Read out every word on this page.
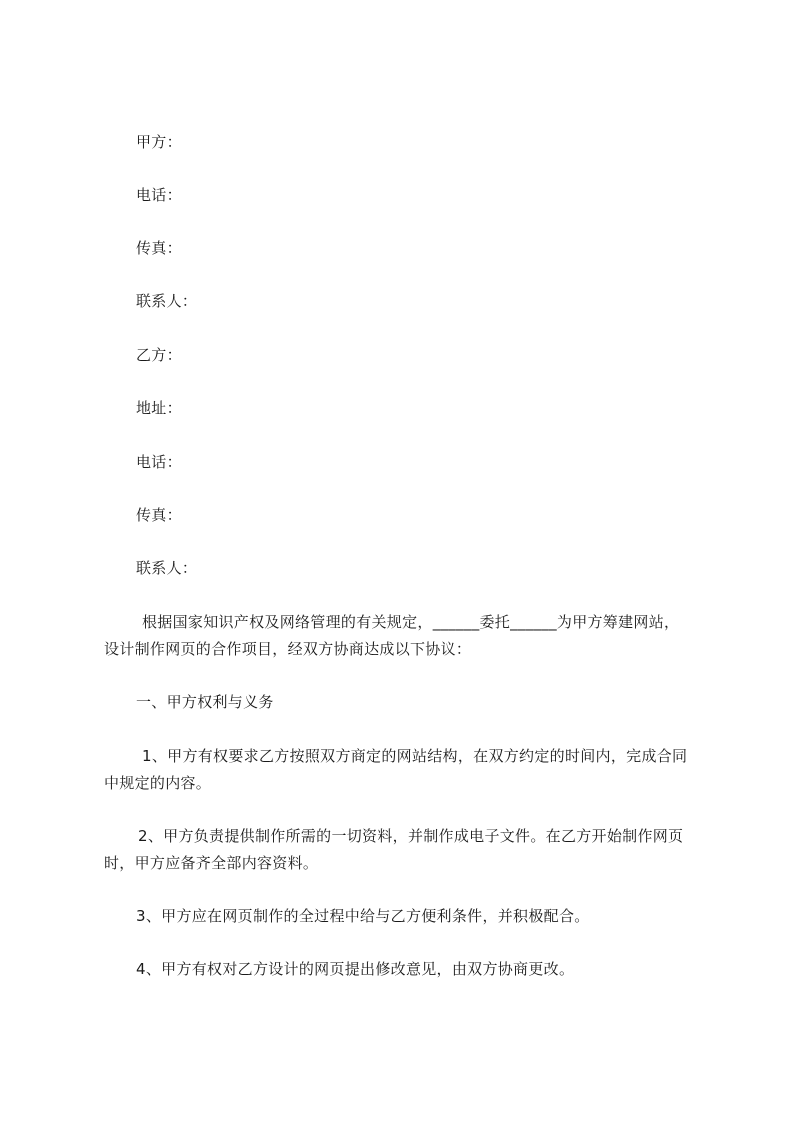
甲方：
电话：
传真：
联系人：
乙方：
地址：
电话：
传真：
联系人：
根据国家知识产权及网络管理的有关规定，______委托______为甲方筹建网站，
设计制作网页的合作项目，经双方协商达成以下协议：
一、甲方权利与义务
1、甲方有权要求乙方按照双方商定的网站结构，在双方约定的时间内，完成合同
中规定的内容。
2、甲方负责提供制作所需的一切资料，并制作成电子文件。在乙方开始制作网页
时，甲方应备齐全部内容资料。
3、甲方应在网页制作的全过程中给与乙方便利条件，并积极配合。
4、甲方有权对乙方设计的网页提出修改意见，由双方协商更改。
